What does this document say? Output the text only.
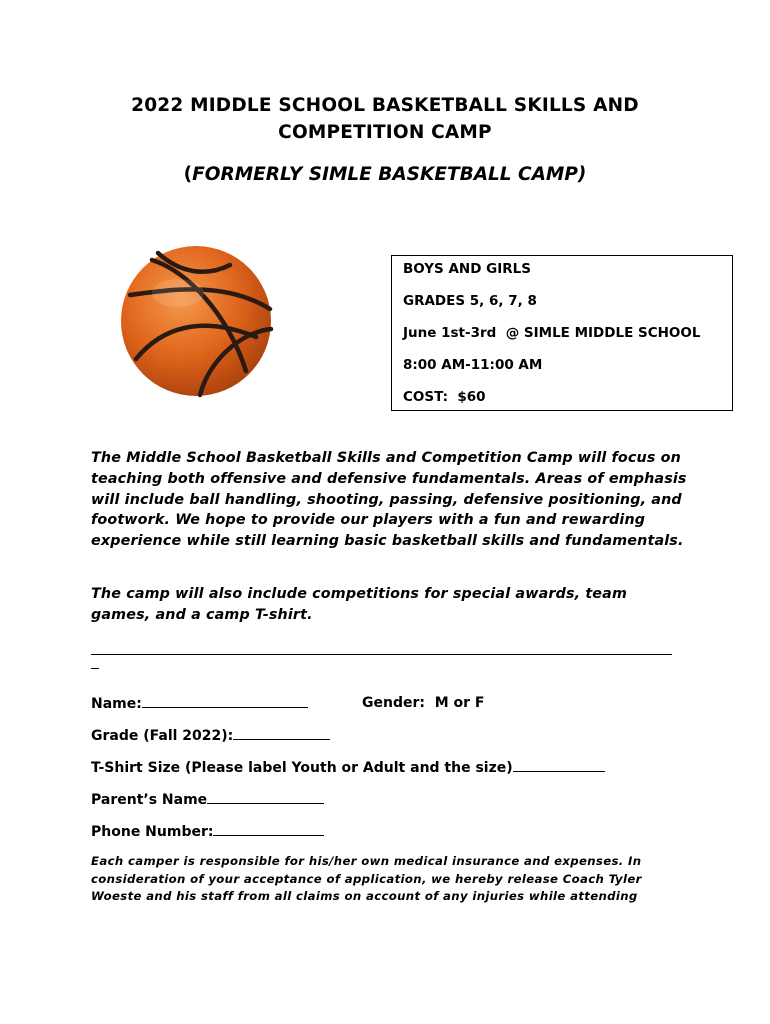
2022 MIDDLE SCHOOL BASKETBALL SKILLS AND
COMPETITION CAMP
(FORMERLY SIMLE BASKETBALL CAMP)
BOYS AND GIRLS
GRADES 5, 6, 7, 8
June 1st-3rd  @ SIMLE MIDDLE SCHOOL
8:00 AM-11:00 AM
COST:  $60
The Middle School Basketball Skills and Competition Camp will focus on teaching both offensive and defensive fundamentals. Areas of emphasis will include ball handling, shooting, passing, defensive positioning, and footwork. We hope to provide our players with a fun and rewarding experience while still learning basic basketball skills and fundamentals.
The camp will also include competitions for special awards, team games, and a camp T-shirt.
Name:	Gender:  M or F
Grade (Fall 2022):
T-Shirt Size (Please label Youth or Adult and the size)
Parent’s Name
Phone Number:
Each camper is responsible for his/her own medical insurance and expenses. In consideration of your acceptance of application, we hereby release Coach Tyler Woeste and his staff from all claims on account of any injuries while attending
